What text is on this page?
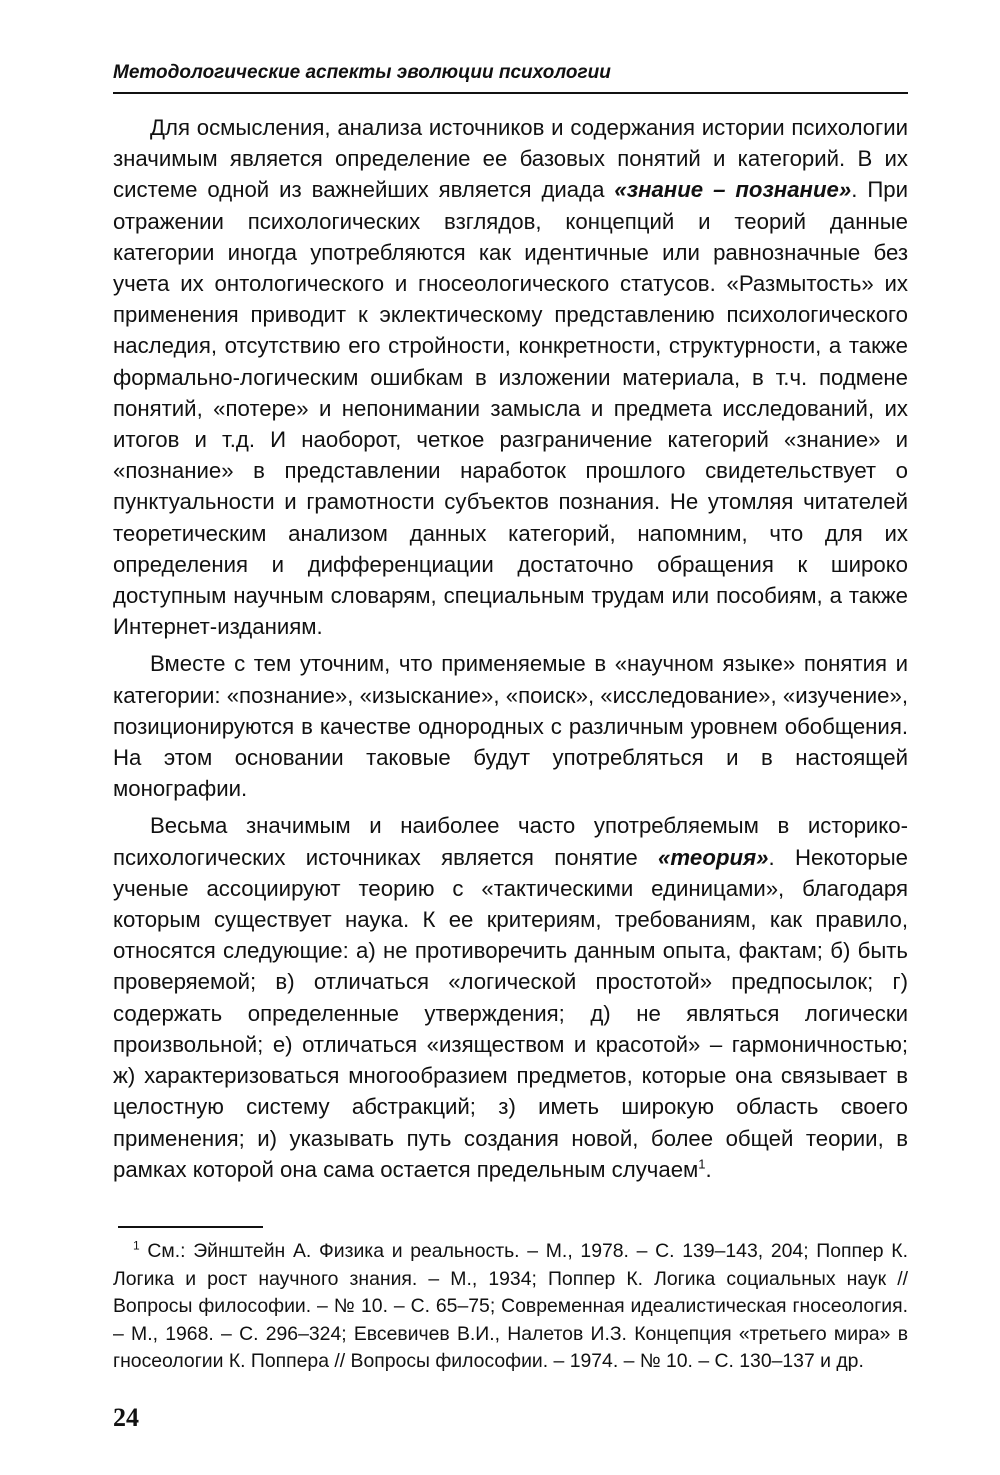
Методологические аспекты эволюции психологии

Для осмысления, анализа источников и содержания истории психологии значимым является определение ее базовых понятий и категорий. В их системе одной из важнейших является диада «знание – познание». При отражении психологических взглядов, концепций и теорий данные категории иногда употребляются как идентичные или равнозначные без учета их онтологического и гносеологического статусов. «Размытость» их применения приводит к эклектическому представлению психологического наследия, отсутствию его стройности, конкретности, структурности, а также формально-логическим ошибкам в изложении материала, в т.ч. подмене понятий, «потере» и непонимании замысла и предмета исследований, их итогов и т.д. И наоборот, четкое разграничение категорий «знание» и «познание» в представлении наработок прошлого свидетельствует о пунктуальности и грамотности субъектов познания. Не утомляя читателей теоретическим анализом данных категорий, напомним, что для их определения и дифференциации достаточно обращения к широко доступным научным словарям, специальным трудам или пособиям, а также Интернет-изданиям.

Вместе с тем уточним, что применяемые в «научном языке» понятия и категории: «познание», «изыскание», «поиск», «исследование», «изучение», позиционируются в качестве однородных с различным уровнем обобщения. На этом основании таковые будут употребляться и в настоящей монографии.

Весьма значимым и наиболее часто употребляемым в историко-психологических источниках является понятие «теория». Некоторые ученые ассоциируют теорию с «тактическими единицами», благодаря которым существует наука. К ее критериям, требованиям, как правило, относятся следующие: а) не противоречить данным опыта, фактам; б) быть проверяемой; в) отличаться «логической простотой» предпосылок; г) содержать определенные утверждения; д) не являться логически произвольной; е) отличаться «изяществом и красотой» – гармоничностью; ж) характеризоваться многообразием предметов, которые она связывает в целостную систему абстракций; з) иметь широкую область своего применения; и) указывать путь создания новой, более общей теории, в рамках которой она сама остается предельным случаем$^1$.

$^1$ См.: Эйнштейн А. Физика и реальность. – М., 1978. – С. 139–143, 204; Поппер К. Логика и рост научного знания. – М., 1934; Поппер К. Логика социальных наук // Вопросы философии. – № 10. – С. 65–75; Современная идеалистическая гносеология. – М., 1968. – С. 296–324; Евсевичев В.И., Налетов И.З. Концепция «третьего мира» в гносеологии К. Поппера // Вопросы философии. – 1974. – № 10. – С. 130–137 и др.
24
